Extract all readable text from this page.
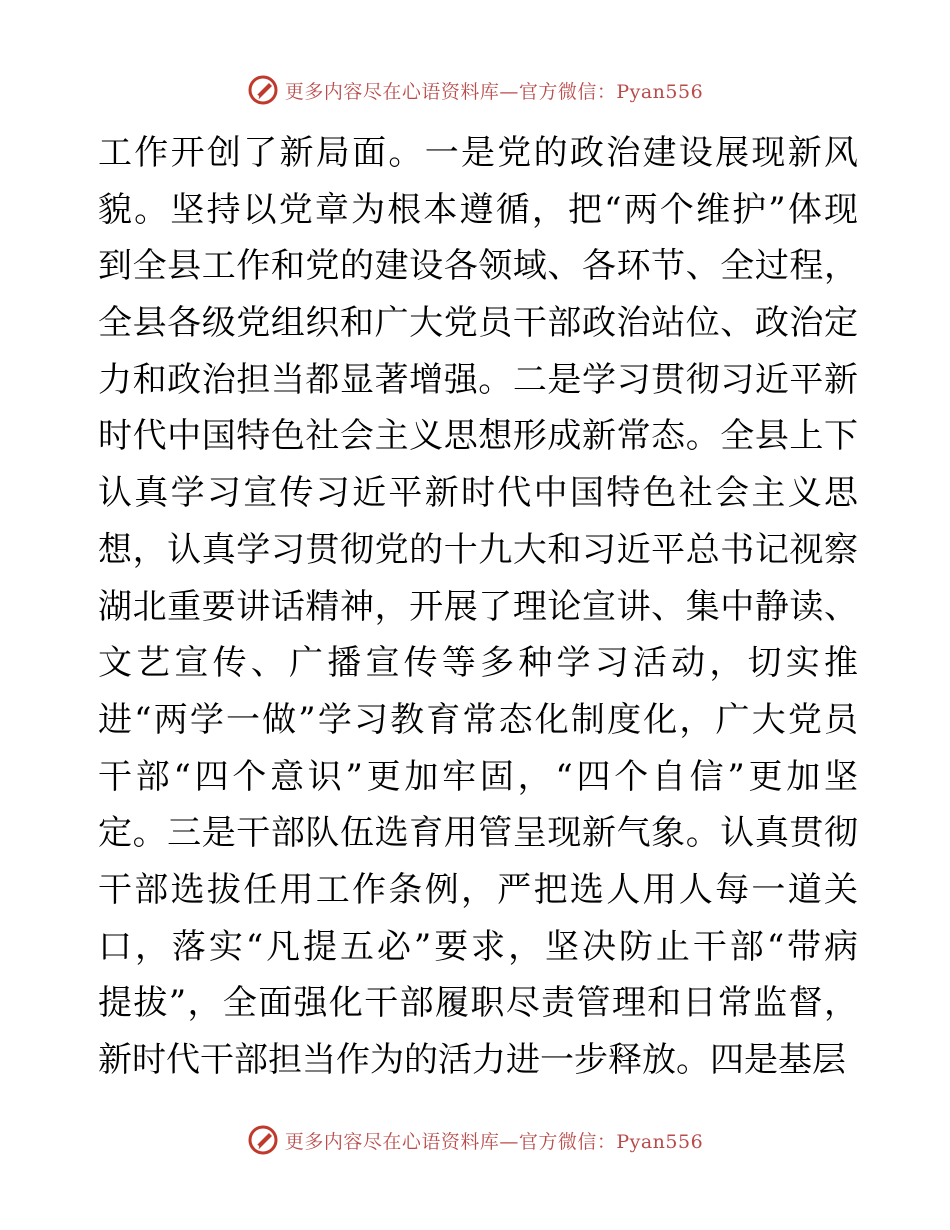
更多内容尽在心语资料库—官方微信：Pyan556
工作开创了新局面。一是党的政治建设展现新风
貌。坚持以党章为根本遵循，把“两个维护”体现
到全县工作和党的建设各领域、各环节、全过程，
全县各级党组织和广大党员干部政治站位、政治定
力和政治担当都显著增强。二是学习贯彻习近平新
时代中国特色社会主义思想形成新常态。全县上下
认真学习宣传习近平新时代中国特色社会主义思
想，认真学习贯彻党的十九大和习近平总书记视察
湖北重要讲话精神，开展了理论宣讲、集中静读、
文艺宣传、广播宣传等多种学习活动，切实推
进“两学一做”学习教育常态化制度化，广大党员
干部“四个意识”更加牢固，“四个自信”更加坚
定。三是干部队伍选育用管呈现新气象。认真贯彻
干部选拔任用工作条例，严把选人用人每一道关
口，落实“凡提五必”要求，坚决防止干部“带病
提拔”，全面强化干部履职尽责管理和日常监督，
新时代干部担当作为的活力进一步释放。四是基层
更多内容尽在心语资料库—官方微信：Pyan556
